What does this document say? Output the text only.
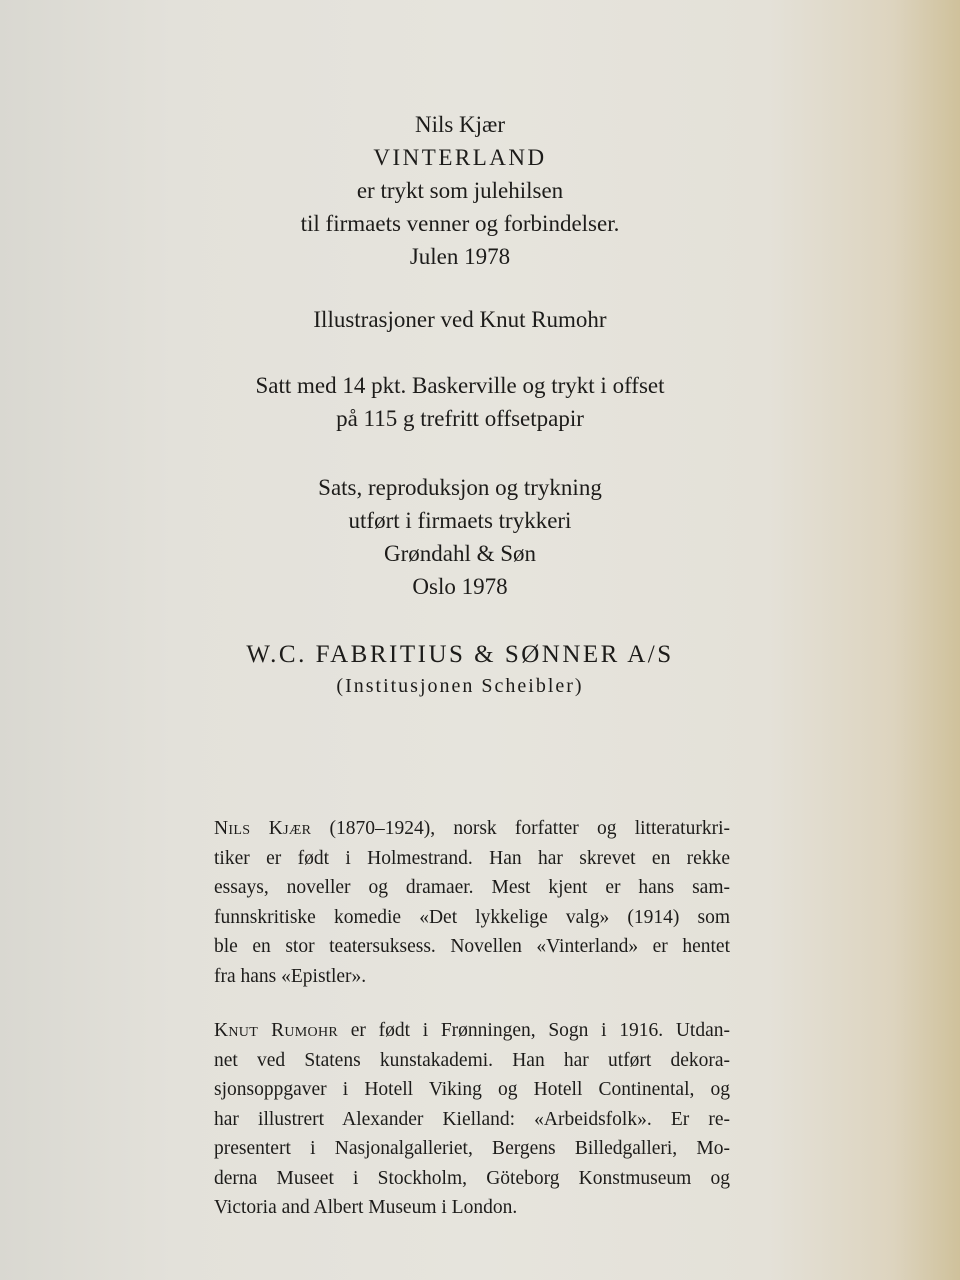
Nils Kjær
VINTERLAND
er trykt som julehilsen
til firmaets venner og forbindelser.
Julen 1978
Illustrasjoner ved Knut Rumohr
Satt med 14 pkt. Baskerville og trykt i offset
på 115 g trefritt offsetpapir
Sats, reproduksjon og trykning
utført i firmaets trykkeri
Grøndahl & Søn
Oslo 1978
W.C. FABRITIUS & SØNNER A/S
(Institusjonen Scheibler)
Nils Kjær (1870–1924), norsk forfatter og litteraturkri-
tiker er født i Holmestrand. Han har skrevet en rekke
essays, noveller og dramaer. Mest kjent er hans sam-
funnskritiske komedie «Det lykkelige valg» (1914) som
ble en stor teatersuksess. Novellen «Vinterland» er hentet
fra hans «Epistler».
Knut Rumohr er født i Frønningen, Sogn i 1916. Utdan-
net ved Statens kunstakademi. Han har utført dekora-
sjonsoppgaver i Hotell Viking og Hotell Continental, og
har illustrert Alexander Kielland: «Arbeidsfolk». Er re-
presentert i Nasjonalgalleriet, Bergens Billedgalleri, Mo-
derna Museet i Stockholm, Göteborg Konstmuseum og
Victoria and Albert Museum i London.
